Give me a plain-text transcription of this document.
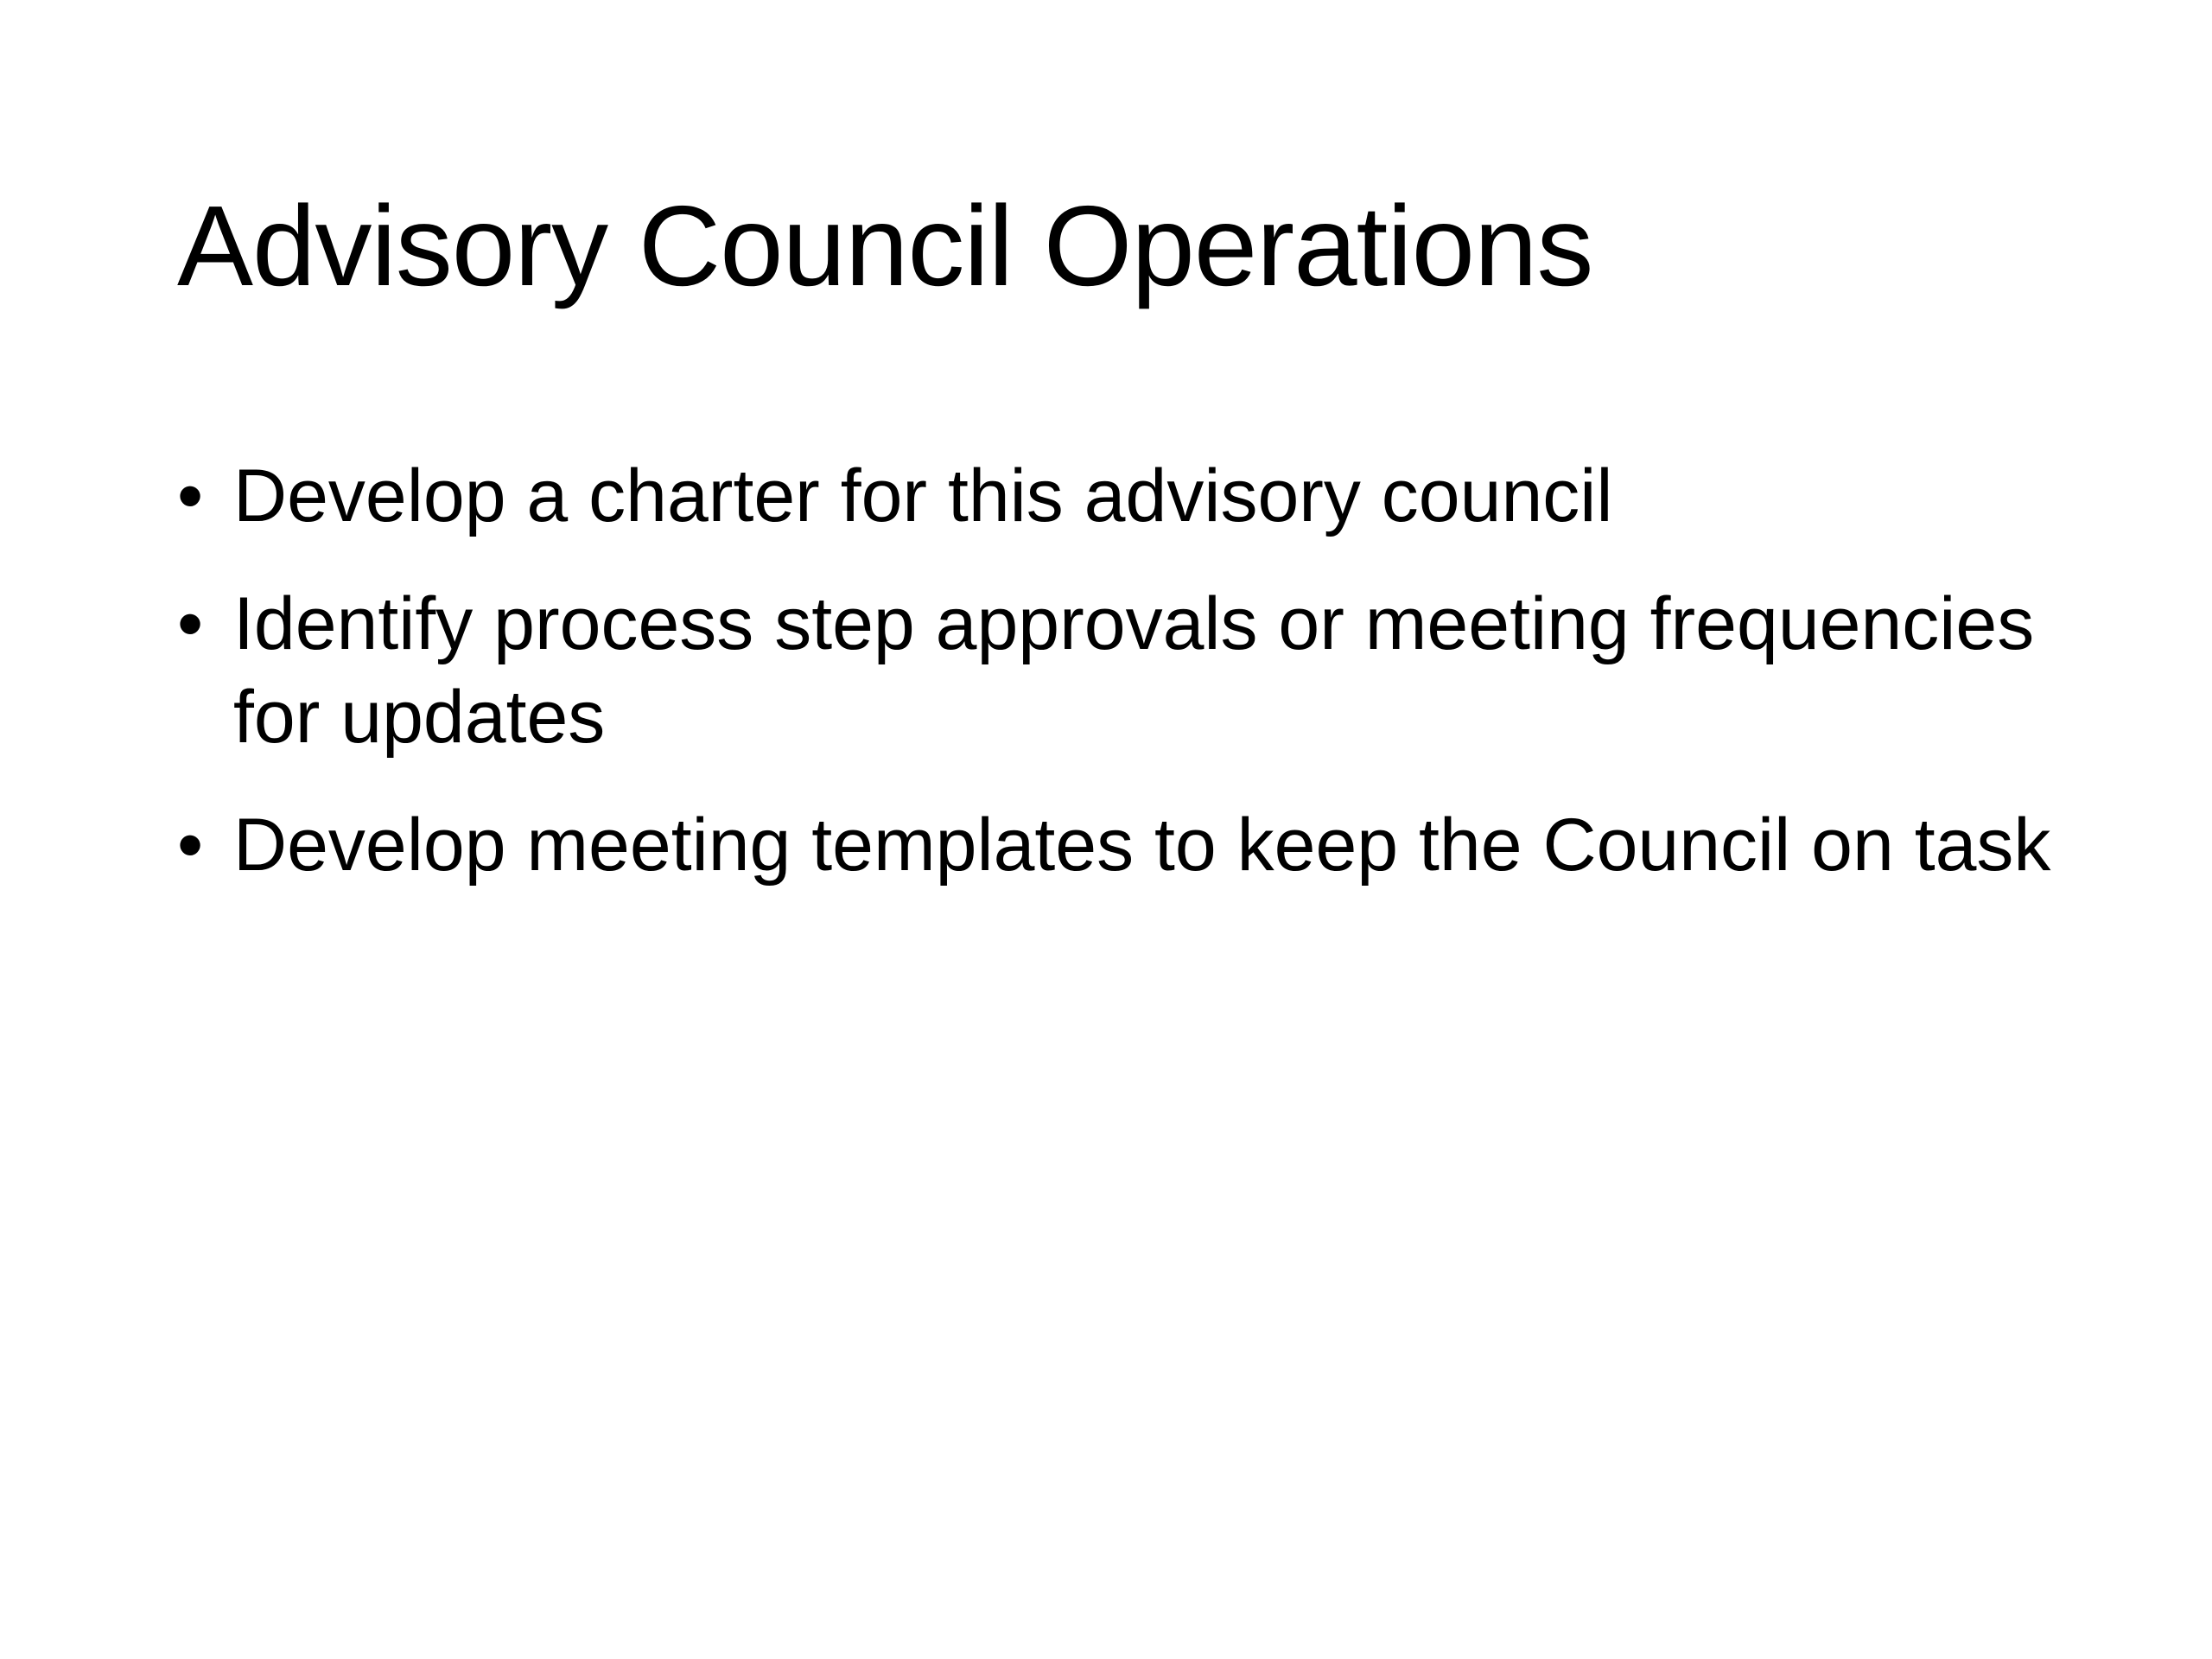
Advisory Council Operations
• Develop a charter for this advisory council
• Identify process step approvals or meeting frequencies for updates
• Develop meeting templates to keep the Council on task
